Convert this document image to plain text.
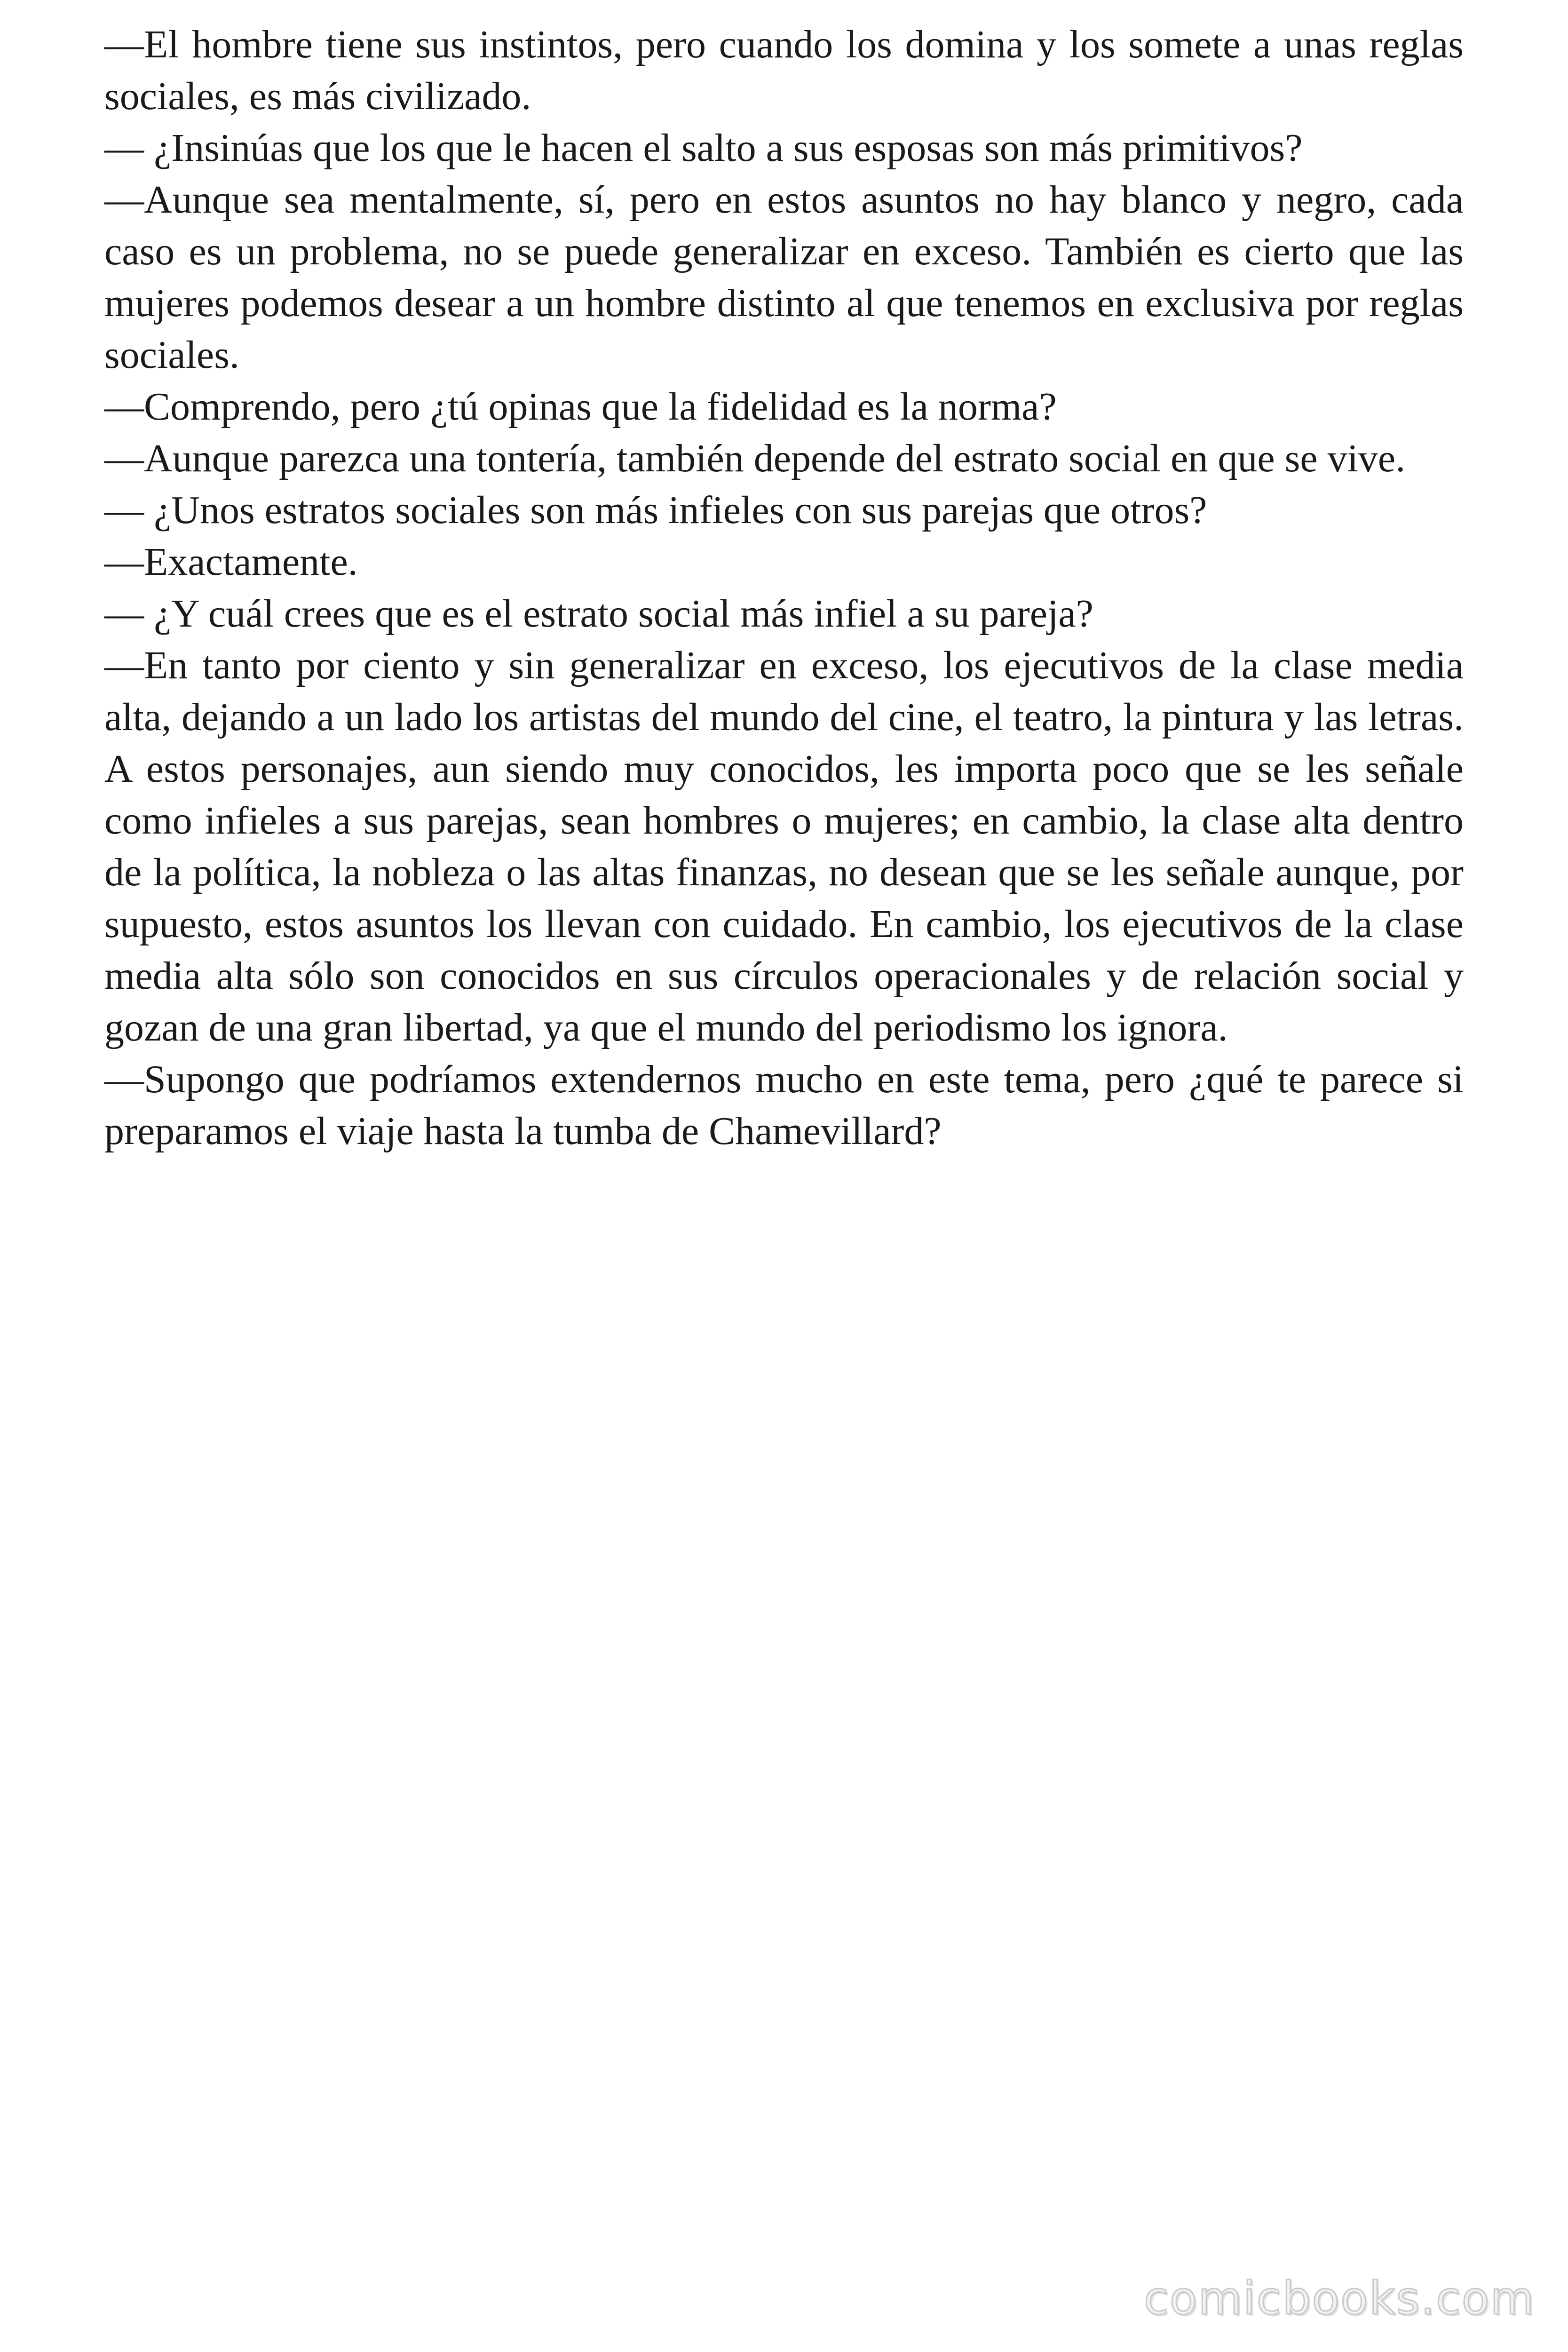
—El hombre tiene sus instintos, pero cuando los domina y los somete a unas reglas sociales, es más civilizado.

— ¿Insinúas que los que le hacen el salto a sus esposas son más primitivos?

—Aunque sea mentalmente, sí, pero en estos asuntos no hay blanco y negro, cada caso es un problema, no se puede generalizar en exceso. También es cierto que las mujeres podemos desear a un hombre distinto al que tenemos en exclusiva por reglas sociales.

—Comprendo, pero ¿tú opinas que la fidelidad es la norma?

—Aunque parezca una tontería, también depende del estrato social en que se vive.

— ¿Unos estratos sociales son más infieles con sus parejas que otros?

—Exactamente.

— ¿Y cuál crees que es el estrato social más infiel a su pareja?

—En tanto por ciento y sin generalizar en exceso, los ejecutivos de la clase media alta, dejando a un lado los artistas del mundo del cine, el teatro, la pintura y las letras. A estos personajes, aun siendo muy conocidos, les importa poco que se les señale como infieles a sus parejas, sean hombres o mujeres; en cambio, la clase alta dentro de la política, la nobleza o las altas finanzas, no desean que se les señale aunque, por supuesto, estos asuntos los llevan con cuidado. En cambio, los ejecutivos de la clase media alta sólo son conocidos en sus círculos operacionales y de relación social y gozan de una gran libertad, ya que el mundo del periodismo los ignora.

—Supongo que podríamos extendernos mucho en este tema, pero ¿qué te parece si preparamos el viaje hasta la tumba de Chamevillard?

comicbooks.com
